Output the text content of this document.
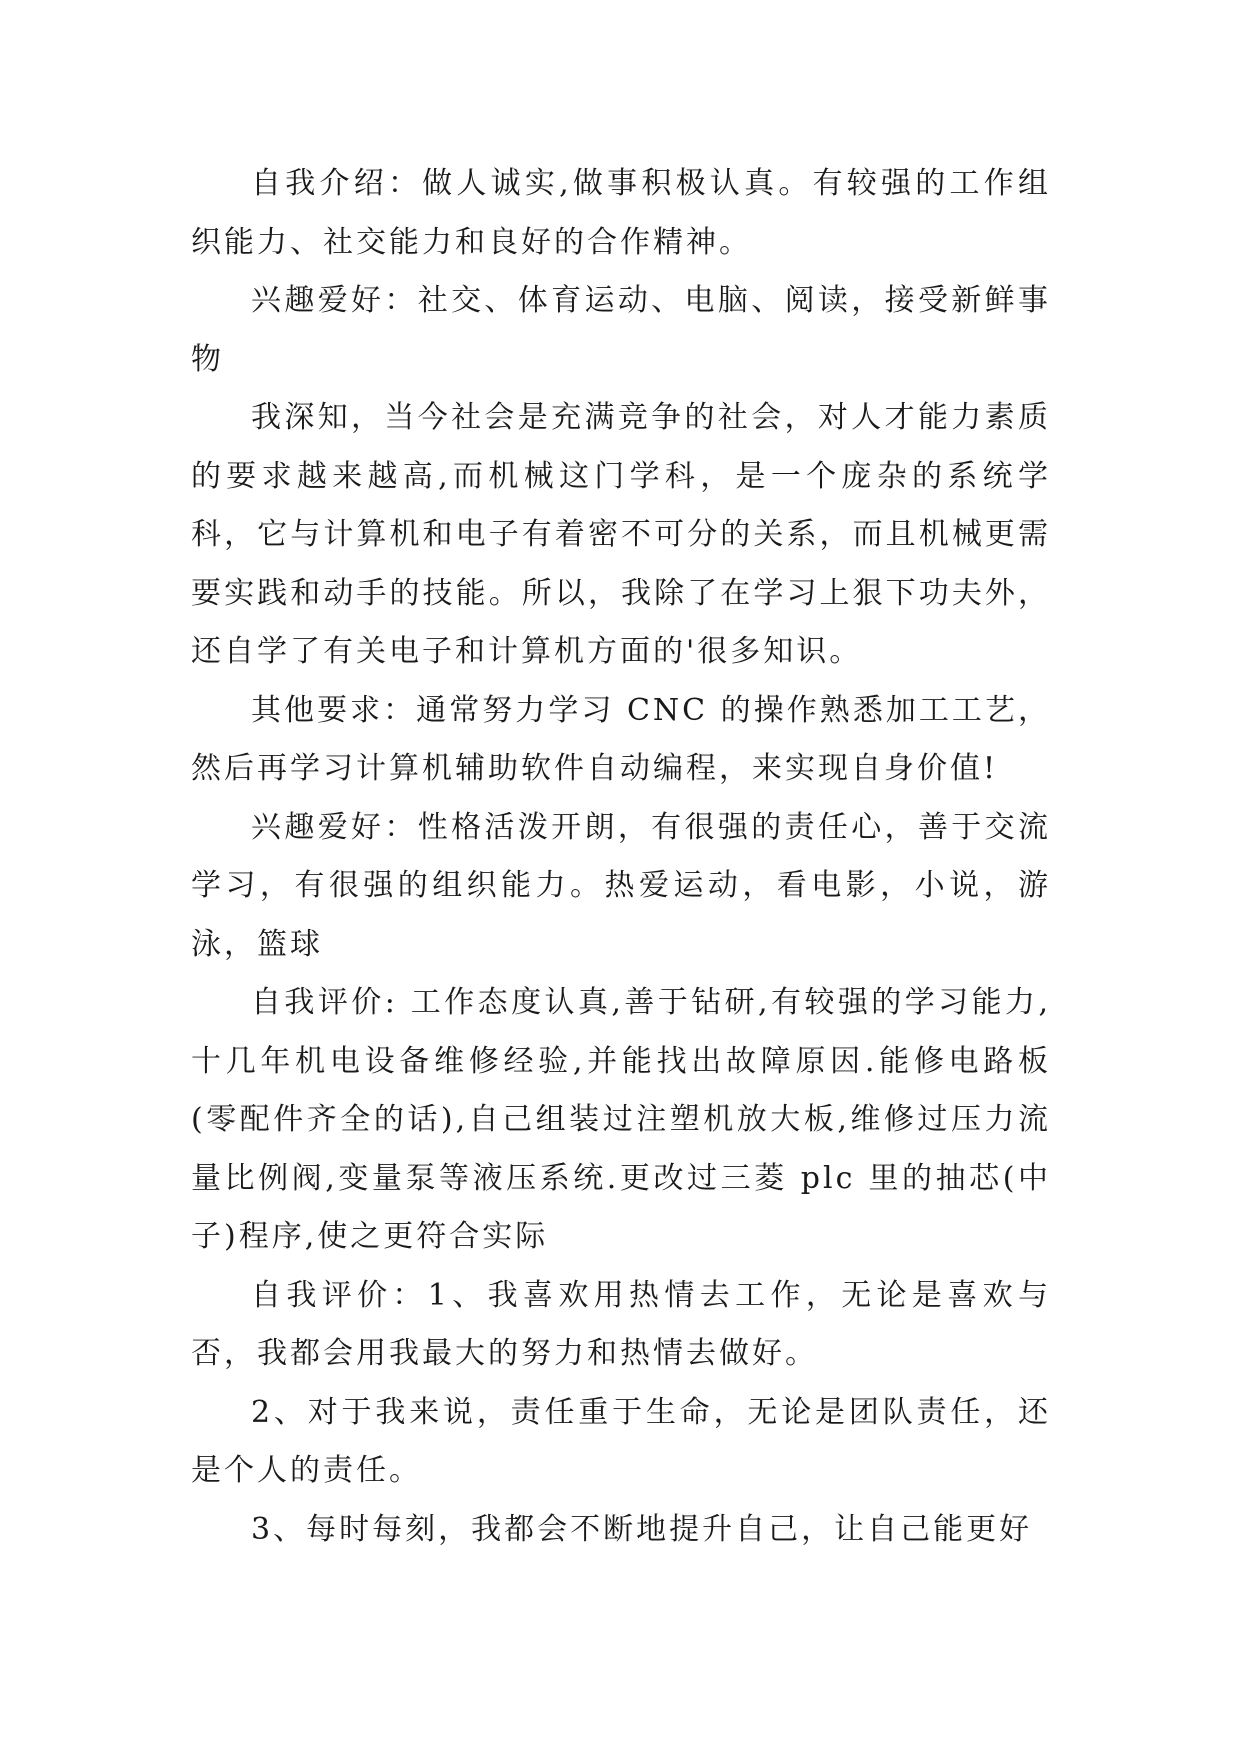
自我介绍：做人诚实,做事积极认真。有较强的工作组织能力、社交能力和良好的合作精神。

兴趣爱好：社交、体育运动、电脑、阅读，接受新鲜事物

我深知，当今社会是充满竞争的社会，对人才能力素质的要求越来越高,而机械这门学科，是一个庞杂的系统学科，它与计算机和电子有着密不可分的关系，而且机械更需要实践和动手的技能。所以，我除了在学习上狠下功夫外，还自学了有关电子和计算机方面的'很多知识。

其他要求：通常努力学习 CNC 的操作熟悉加工工艺，然后再学习计算机辅助软件自动编程，来实现自身价值!

兴趣爱好：性格活泼开朗，有很强的责任心，善于交流学习，有很强的组织能力。热爱运动，看电影，小说，游泳，篮球

自我评价: 工作态度认真,善于钻研,有较强的学习能力,十几年机电设备维修经验,并能找出故障原因.能修电路板(零配件齐全的话),自己组装过注塑机放大板,维修过压力流量比例阀,变量泵等液压系统.更改过三菱 plc 里的抽芯(中子)程序,使之更符合实际

自我评价：1、我喜欢用热情去工作，无论是喜欢与否，我都会用我最大的努力和热情去做好。

2、对于我来说，责任重于生命，无论是团队责任，还是个人的责任。

3、每时每刻，我都会不断地提升自己，让自己能更好
